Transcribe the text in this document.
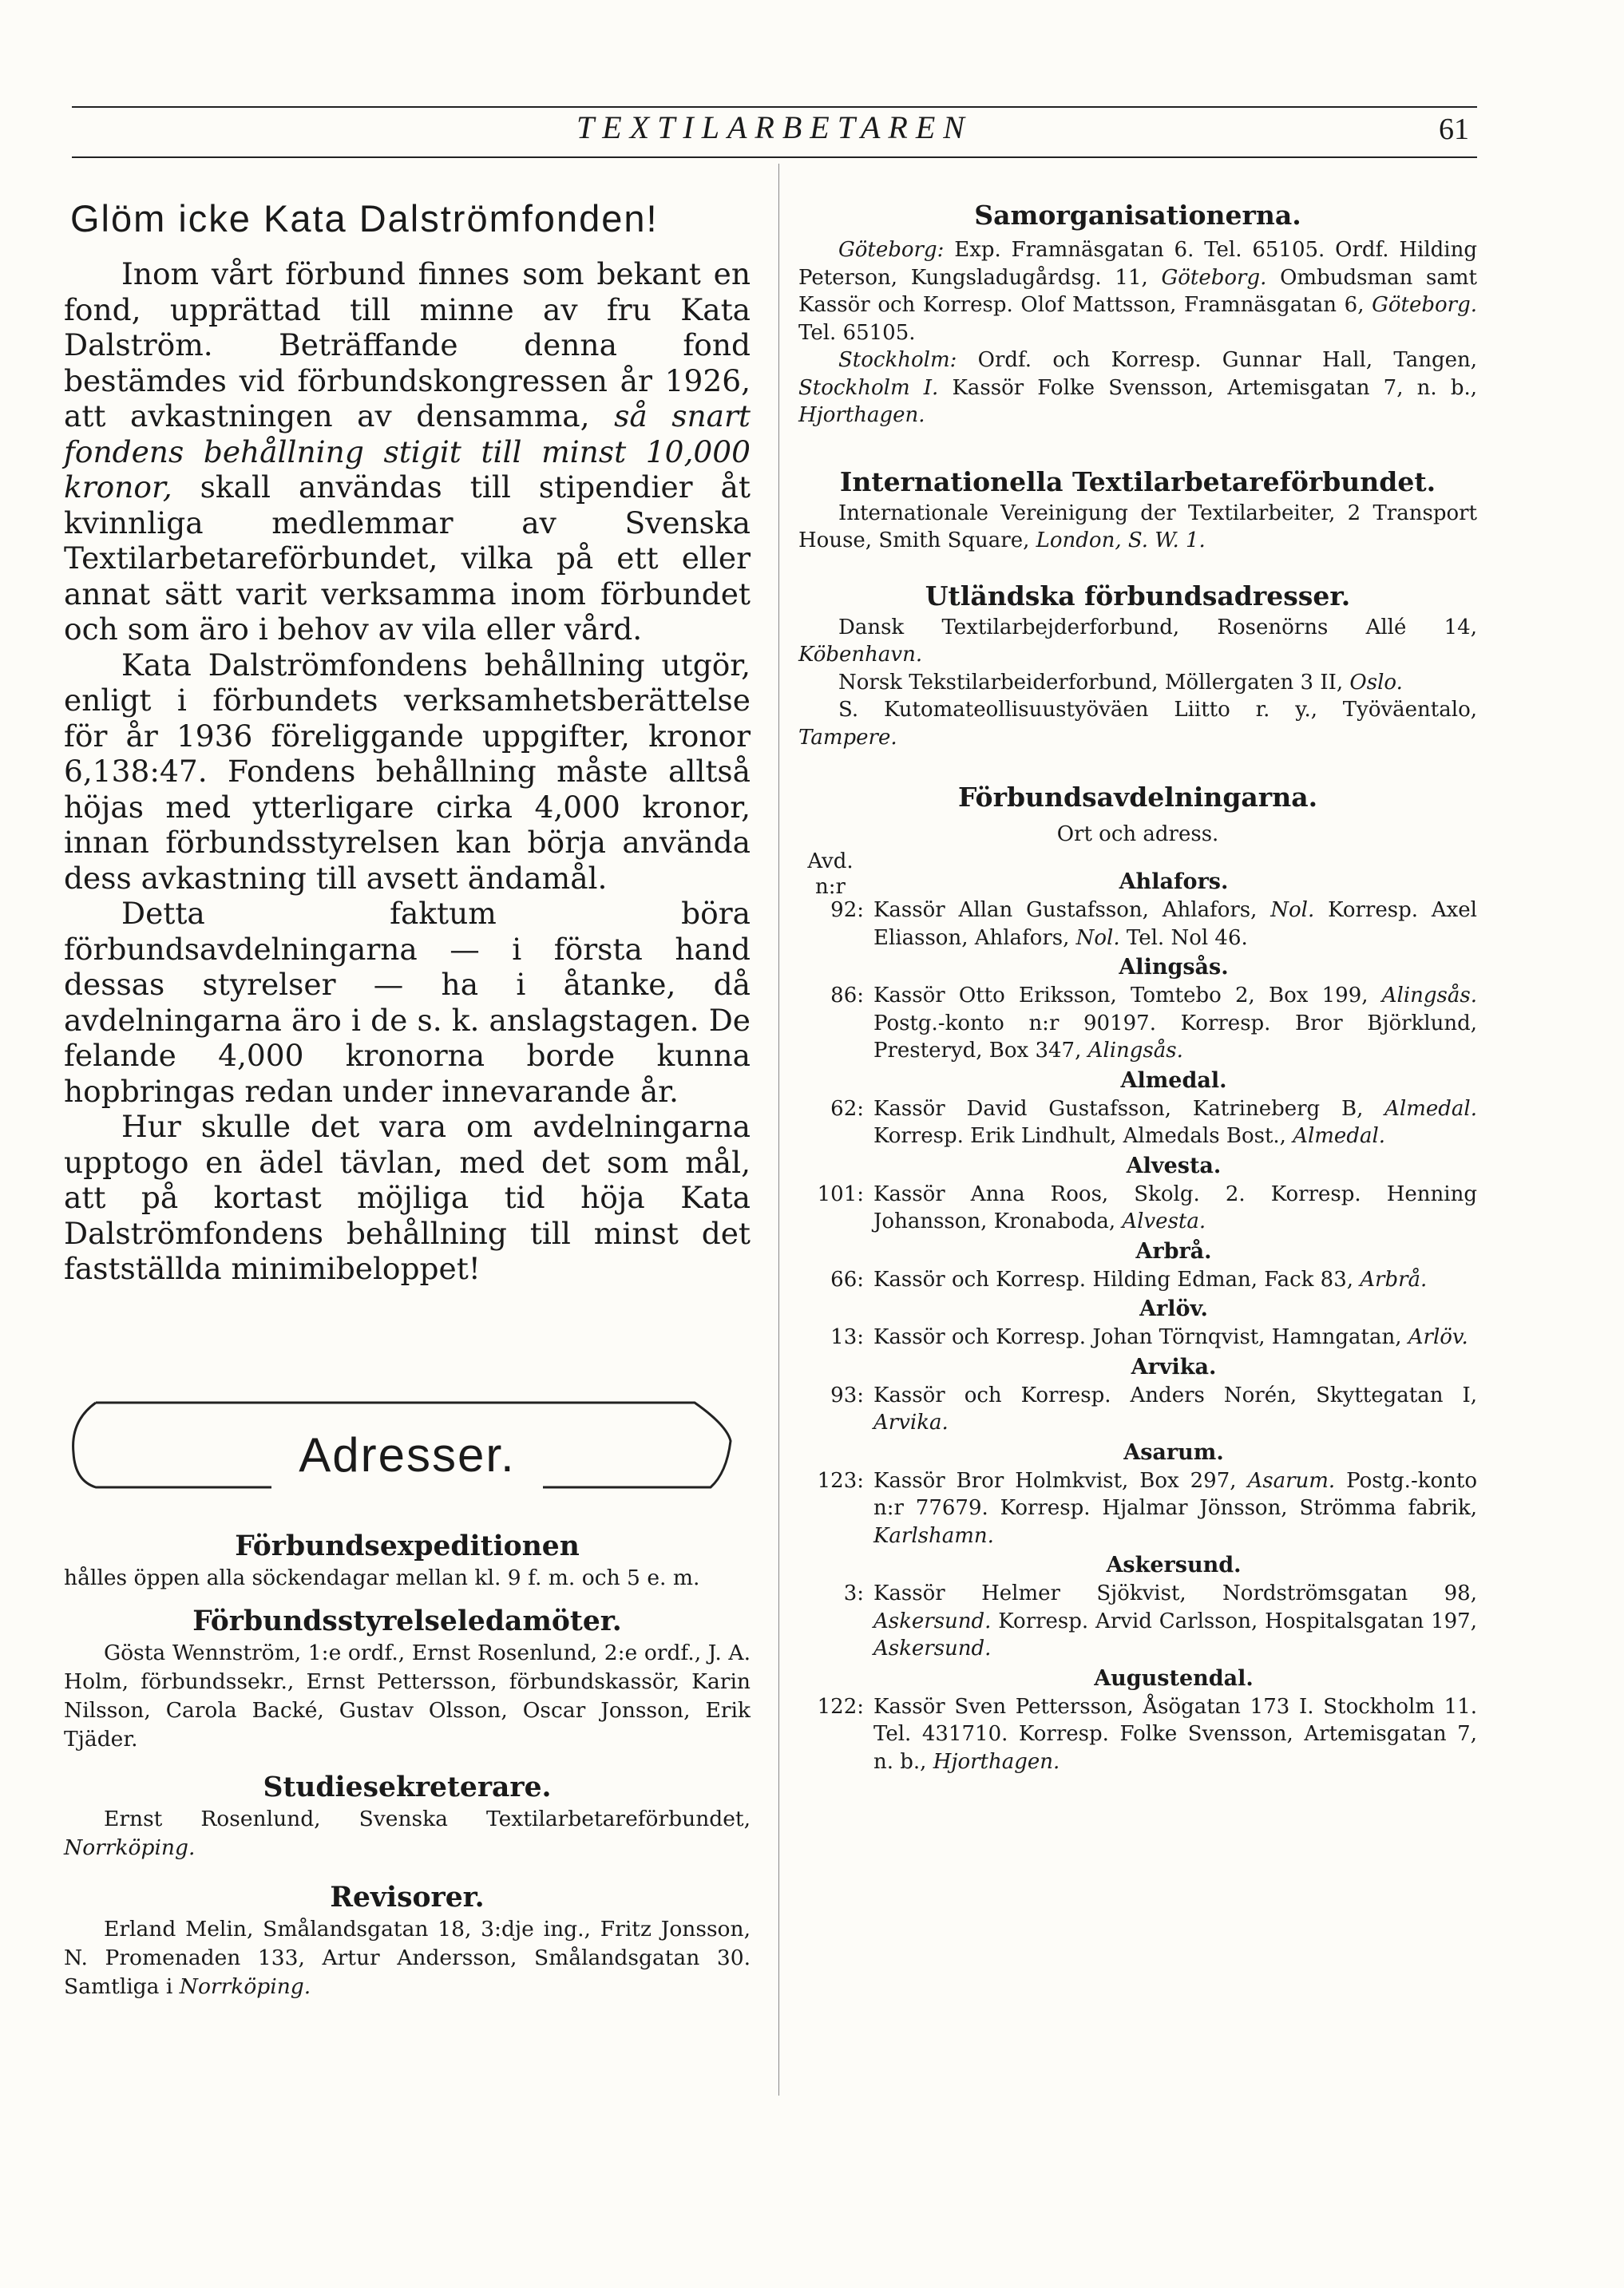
TEXTILARBETAREN	61
Glöm icke Kata Dalströmfonden!

Inom vårt förbund finnes som bekant en fond, upprättad till minne av fru Kata Dalström. Beträffande denna fond bestämdes vid förbundskongressen år 1926, att avkastningen av densamma, så snart fondens behållning stigit till minst 10,000 kronor, skall användas till stipendier åt kvinnliga medlemmar av Svenska Textilarbetareförbundet, vilka på ett eller annat sätt varit verksamma inom förbundet och som äro i behov av vila eller vård.

Kata Dalströmfondens behållning utgör, enligt i förbundets verksamhetsberättelse för år 1936 föreliggande uppgifter, kronor 6,138:47. Fondens behållning måste alltså höjas med ytterligare cirka 4,000 kronor, innan förbundsstyrelsen kan börja använda dess avkastning till avsett ändamål.

Detta faktum böra förbundsavdelningarna — i första hand dessas styrelser — ha i åtanke, då avdelningarna äro i de s. k. anslagstagen. De felande 4,000 kronorna borde kunna hopbringas redan under innevarande år.

Hur skulle det vara om avdelningarna upptogo en ädel tävlan, med det som mål, att på kortast möjliga tid höja Kata Dalströmfondens behållning till minst det fastställda minimibeloppet!

Adresser.

Förbundsexpeditionen

hålles öppen alla söckendagar mellan kl. 9 f. m. och 5 e. m.

Förbundsstyrelseledamöter.

Gösta Wennström, 1:e ordf., Ernst Rosenlund, 2:e ordf., J. A. Holm, förbundssekr., Ernst Pettersson, förbundskassör, Karin Nilsson, Carola Backé, Gustav Olsson, Oscar Jonsson, Erik Tjäder.

Studiesekreterare.

Ernst Rosenlund, Svenska Textilarbetareförbundet, Norrköping.

Revisorer.

Erland Melin, Smålandsgatan 18, 3:dje ing., Fritz Jonsson, N. Promenaden 133, Artur Andersson, Smålandsgatan 30. Samtliga i Norrköping.

Samorganisationerna.

Göteborg: Exp. Framnäsgatan 6. Tel. 65105. Ordf. Hilding Peterson, Kungsladugårdsg. 11, Göteborg. Ombudsman samt Kassör och Korresp. Olof Mattsson, Framnäsgatan 6, Göteborg. Tel. 65105.

Stockholm: Ordf. och Korresp. Gunnar Hall, Tangen, Stockholm I. Kassör Folke Svensson, Artemisgatan 7, n. b., Hjorthagen.

Internationella Textilarbetareförbundet.

Internationale Vereinigung der Textilarbeiter, 2 Transport House, Smith Square, London, S. W. 1.

Utländska förbundsadresser.

Dansk Textilarbejderforbund, Rosenörns Allé 14, Köbenhavn.

Norsk Tekstilarbeiderforbund, Möllergaten 3 II, Oslo.

S. Kutomateollisuustyöväen Liitto r. y., Työväentalo, Tampere.

Förbundsavdelningarna.

Ort och adress.
Avd.
n:r	Ahlafors.

92: Kassör Allan Gustafsson, Ahlafors, Nol. Korresp. Axel Eliasson, Ahlafors, Nol. Tel. Nol 46.

Alingsås.

86: Kassör Otto Eriksson, Tomtebo 2, Box 199, Alingsås. Postg.-konto n:r 90197. Korresp. Bror Björklund, Presteryd, Box 347, Alingsås.

Almedal.

62: Kassör David Gustafsson, Katrineberg B, Almedal. Korresp. Erik Lindhult, Almedals Bost., Almedal.

Alvesta.

101: Kassör Anna Roos, Skolg. 2. Korresp. Henning Johansson, Kronaboda, Alvesta.

Arbrå.

66: Kassör och Korresp. Hilding Edman, Fack 83, Arbrå.

Arlöv.

13: Kassör och Korresp. Johan Törnqvist, Hamngatan, Arlöv.

Arvika.

93: Kassör och Korresp. Anders Norén, Skyttegatan I, Arvika.

Asarum.

123: Kassör Bror Holmkvist, Box 297, Asarum. Postg.-konto n:r 77679. Korresp. Hjalmar Jönsson, Strömma fabrik, Karlshamn.

Askersund.

3: Kassör Helmer Sjökvist, Nordströmsgatan 98, Askersund. Korresp. Arvid Carlsson, Hospitalsgatan 197, Askersund.

Augustendal.

122: Kassör Sven Pettersson, Åsögatan 173 I. Stockholm 11. Tel. 431710. Korresp. Folke Svensson, Artemisgatan 7, n. b., Hjorthagen.
